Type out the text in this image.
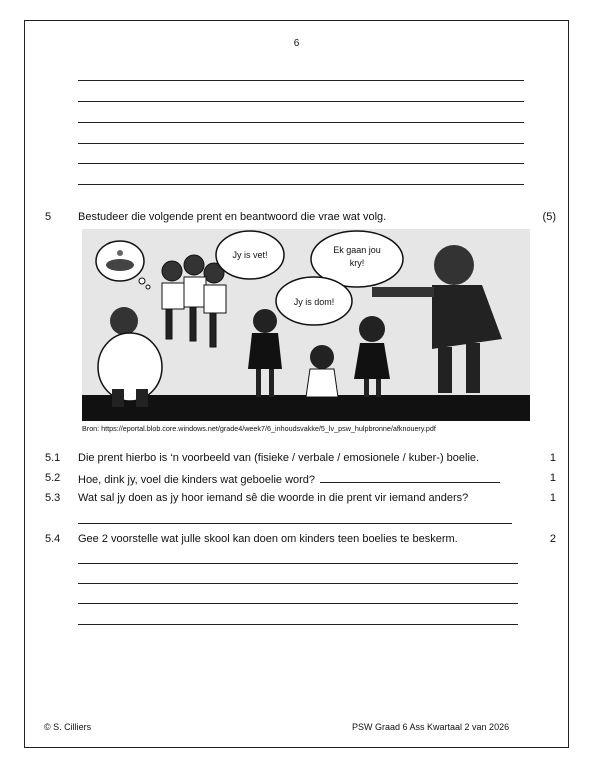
6
5 Bestudeer die volgende prent en beantwoord die vrae wat volg.	(5)
Jy is vet!	Ek gaan jou
kry!
Jy is dom!
Bron: https://eportal.blob.core.windows.net/grade4/week7/6_inhoudsvakke/5_lv_psw_hulpbronne/afknouery.pdf
5.1 Die prent hierbo is ‘n voorbeeld van (fisieke / verbale / emosionele / kuber-) boelie.	1
5.2 Hoe, dink jy, voel die kinders wat geboelie word?	1
5.3 Wat sal jy doen as jy hoor iemand sê die woorde in die prent vir iemand anders?	1
5.4 Gee 2 voorstelle wat julle skool kan doen om kinders teen boelies te beskerm.	2
© S. Cilliers	PSW Graad 6 Ass Kwartaal 2 van 2026
